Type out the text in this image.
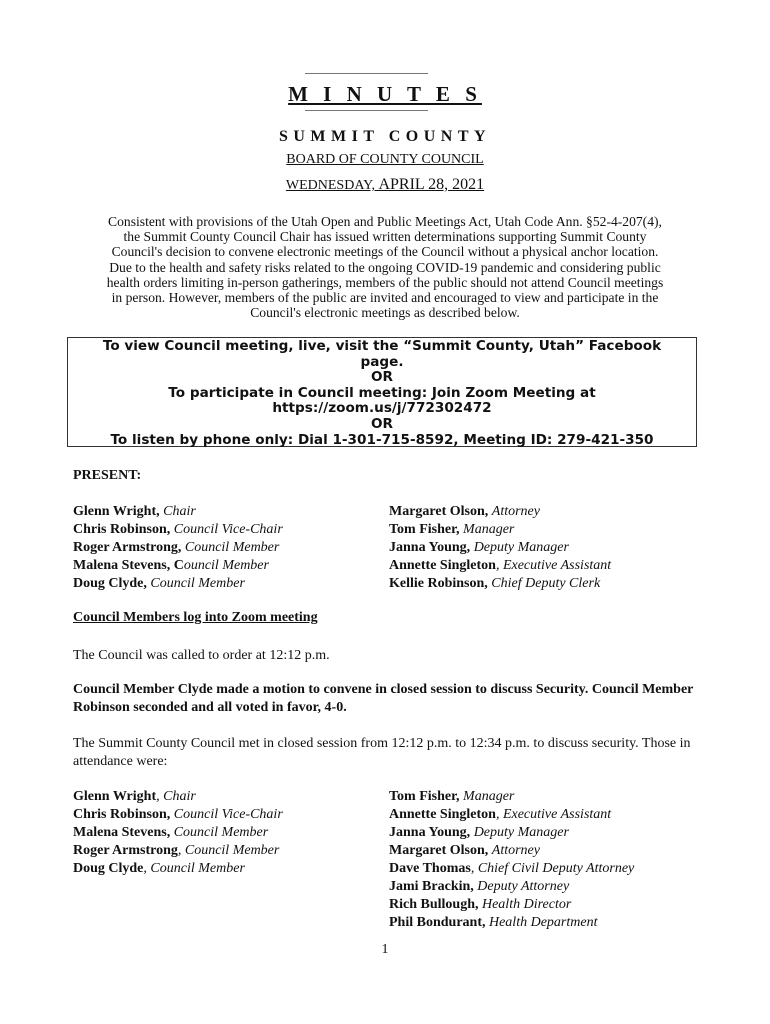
M I N U T E S
SUMMIT COUNTY
BOARD OF COUNTY COUNCIL
WEDNESDAY, APRIL 28, 2021
Consistent with provisions of the Utah Open and Public Meetings Act, Utah Code Ann. §52-4-207(4),
the Summit County Council Chair has issued written determinations supporting Summit County
Council's decision to convene electronic meetings of the Council without a physical anchor location.
Due to the health and safety risks related to the ongoing COVID-19 pandemic and considering public
health orders limiting in-person gatherings, members of the public should not attend Council meetings
in person. However, members of the public are invited and encouraged to view and participate in the
Council's electronic meetings as described below.
To view Council meeting, live, visit the “Summit County, Utah” Facebook page.
OR
To participate in Council meeting: Join Zoom Meeting at
https://zoom.us/j/772302472
OR
To listen by phone only: Dial 1-301-715-8592, Meeting ID: 279-421-350
PRESENT:
Glenn Wright, Chair
Chris Robinson, Council Vice-Chair
Roger Armstrong, Council Member
Malena Stevens, Council Member
Doug Clyde, Council Member
Margaret Olson, Attorney
Tom Fisher, Manager
Janna Young, Deputy Manager
Annette Singleton, Executive Assistant
Kellie Robinson, Chief Deputy Clerk
Council Members log into Zoom meeting
The Council was called to order at 12:12 p.m.
Council Member Clyde made a motion to convene in closed session to discuss Security. Council Member Robinson seconded and all voted in favor, 4-0.
The Summit County Council met in closed session from 12:12 p.m. to 12:34 p.m. to discuss security. Those in attendance were:
Glenn Wright, Chair
Chris Robinson, Council Vice-Chair
Malena Stevens, Council Member
Roger Armstrong, Council Member
Doug Clyde, Council Member
Tom Fisher, Manager
Annette Singleton, Executive Assistant
Janna Young, Deputy Manager
Margaret Olson, Attorney
Dave Thomas, Chief Civil Deputy Attorney
Jami Brackin, Deputy Attorney
Rich Bullough, Health Director
Phil Bondurant, Health Department
1
